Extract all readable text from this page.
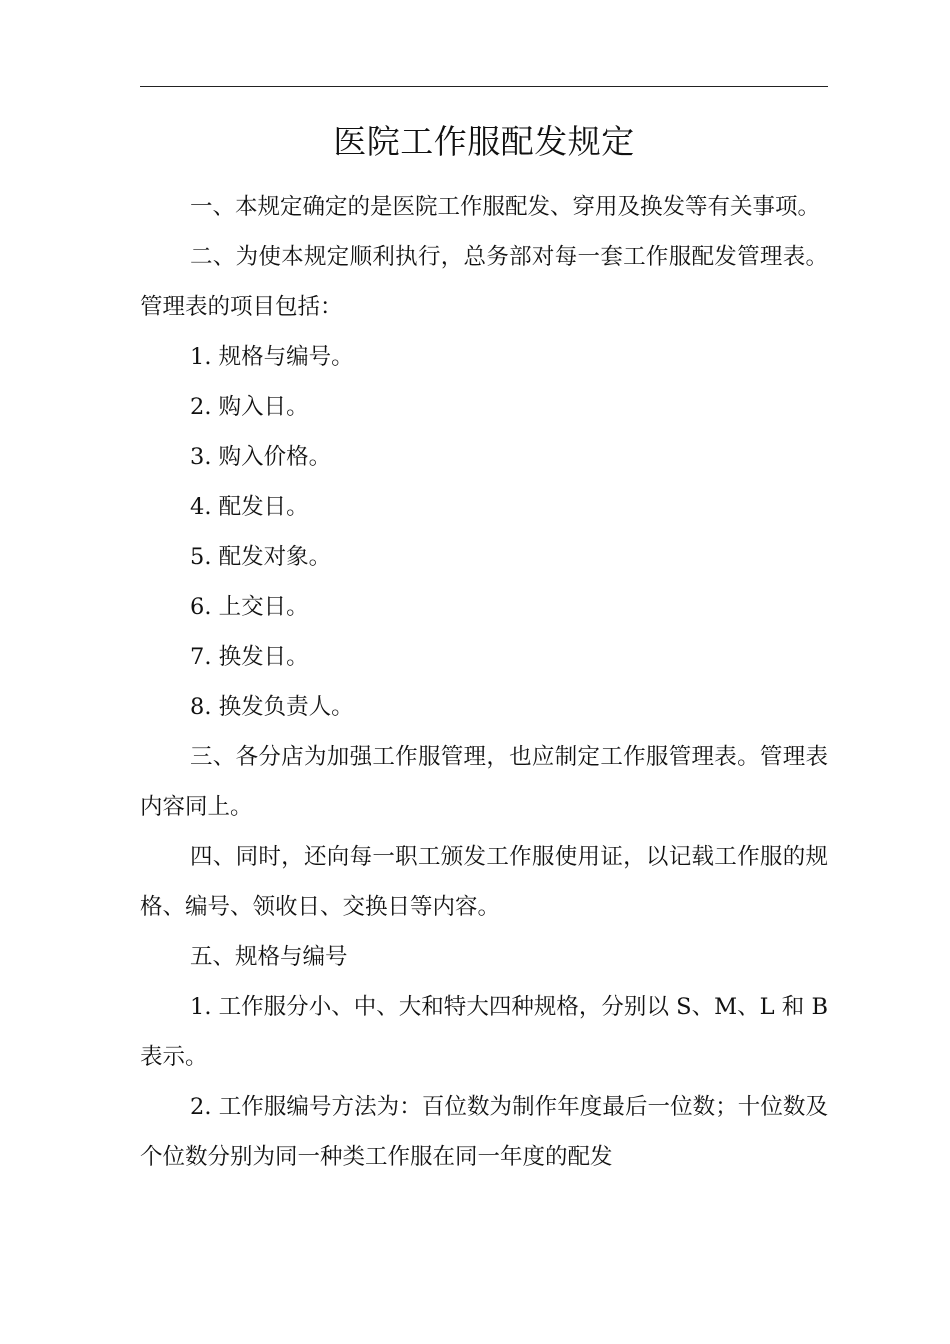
医院工作服配发规定

一、本规定确定的是医院工作服配发、穿用及换发等有关事项。

二、为使本规定顺利执行，总务部对每一套工作服配发管理表。管理表的项目包括：

1. 规格与编号。

2. 购入日。

3. 购入价格。

4. 配发日。

5. 配发对象。

6. 上交日。

7. 换发日。

8. 换发负责人。

三、各分店为加强工作服管理，也应制定工作服管理表。管理表内容同上。

四、同时，还向每一职工颁发工作服使用证，以记载工作服的规格、编号、领收日、交换日等内容。

五、规格与编号

1. 工作服分小、中、大和特大四种规格，分别以 S、M、L 和 B 表示。

2. 工作服编号方法为：百位数为制作年度最后一位数；十位数及个位数分别为同一种类工作服在同一年度的配发
